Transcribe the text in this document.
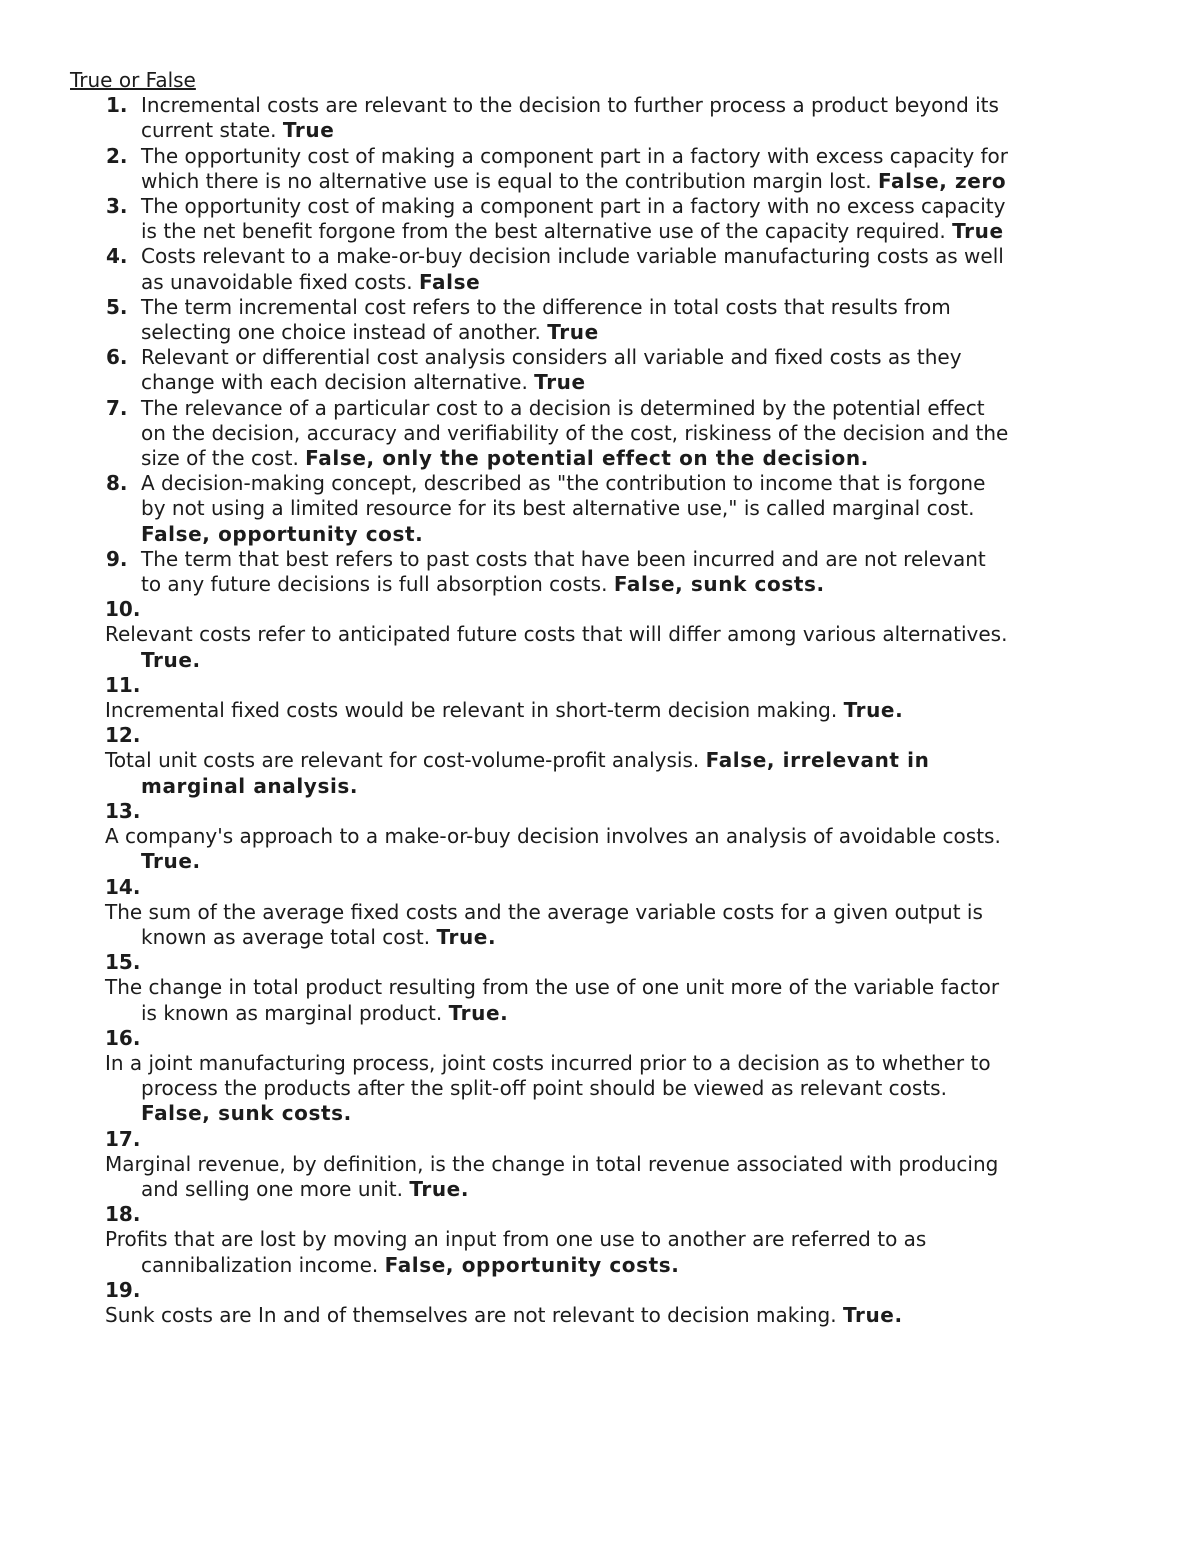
True or False
1. Incremental costs are relevant to the decision to further process a product beyond its current state. True
2. The opportunity cost of making a component part in a factory with excess capacity for which there is no alternative use is equal to the contribution margin lost. False, zero
3. The opportunity cost of making a component part in a factory with no excess capacity is the net benefit forgone from the best alternative use of the capacity required. True
4. Costs relevant to a make-or-buy decision include variable manufacturing costs as well as unavoidable fixed costs. False
5. The term incremental cost refers to the difference in total costs that results from selecting one choice instead of another. True
6. Relevant or differential cost analysis considers all variable and fixed costs as they change with each decision alternative. True
7. The relevance of a particular cost to a decision is determined by the potential effect on the decision, accuracy and verifiability of the cost, riskiness of the decision and the size of the cost. False, only the potential effect on the decision.
8. A decision-making concept, described as "the contribution to income that is forgone by not using a limited resource for its best alternative use," is called marginal cost. False, opportunity cost.
9. The term that best refers to past costs that have been incurred and are not relevant to any future decisions is full absorption costs. False, sunk costs.
10.
Relevant costs refer to anticipated future costs that will differ among various alternatives. True.
11.
Incremental fixed costs would be relevant in short-term decision making. True.
12.
Total unit costs are relevant for cost-volume-profit analysis. False, irrelevant in marginal analysis.
13.
A company's approach to a make-or-buy decision involves an analysis of avoidable costs. True.
14.
The sum of the average fixed costs and the average variable costs for a given output is known as average total cost. True.
15.
The change in total product resulting from the use of one unit more of the variable factor is known as marginal product. True.
16.
In a joint manufacturing process, joint costs incurred prior to a decision as to whether to process the products after the split-off point should be viewed as relevant costs. False, sunk costs.
17.
Marginal revenue, by definition, is the change in total revenue associated with producing and selling one more unit. True.
18.
Profits that are lost by moving an input from one use to another are referred to as cannibalization income. False, opportunity costs.
19.
Sunk costs are In and of themselves are not relevant to decision making. True.
